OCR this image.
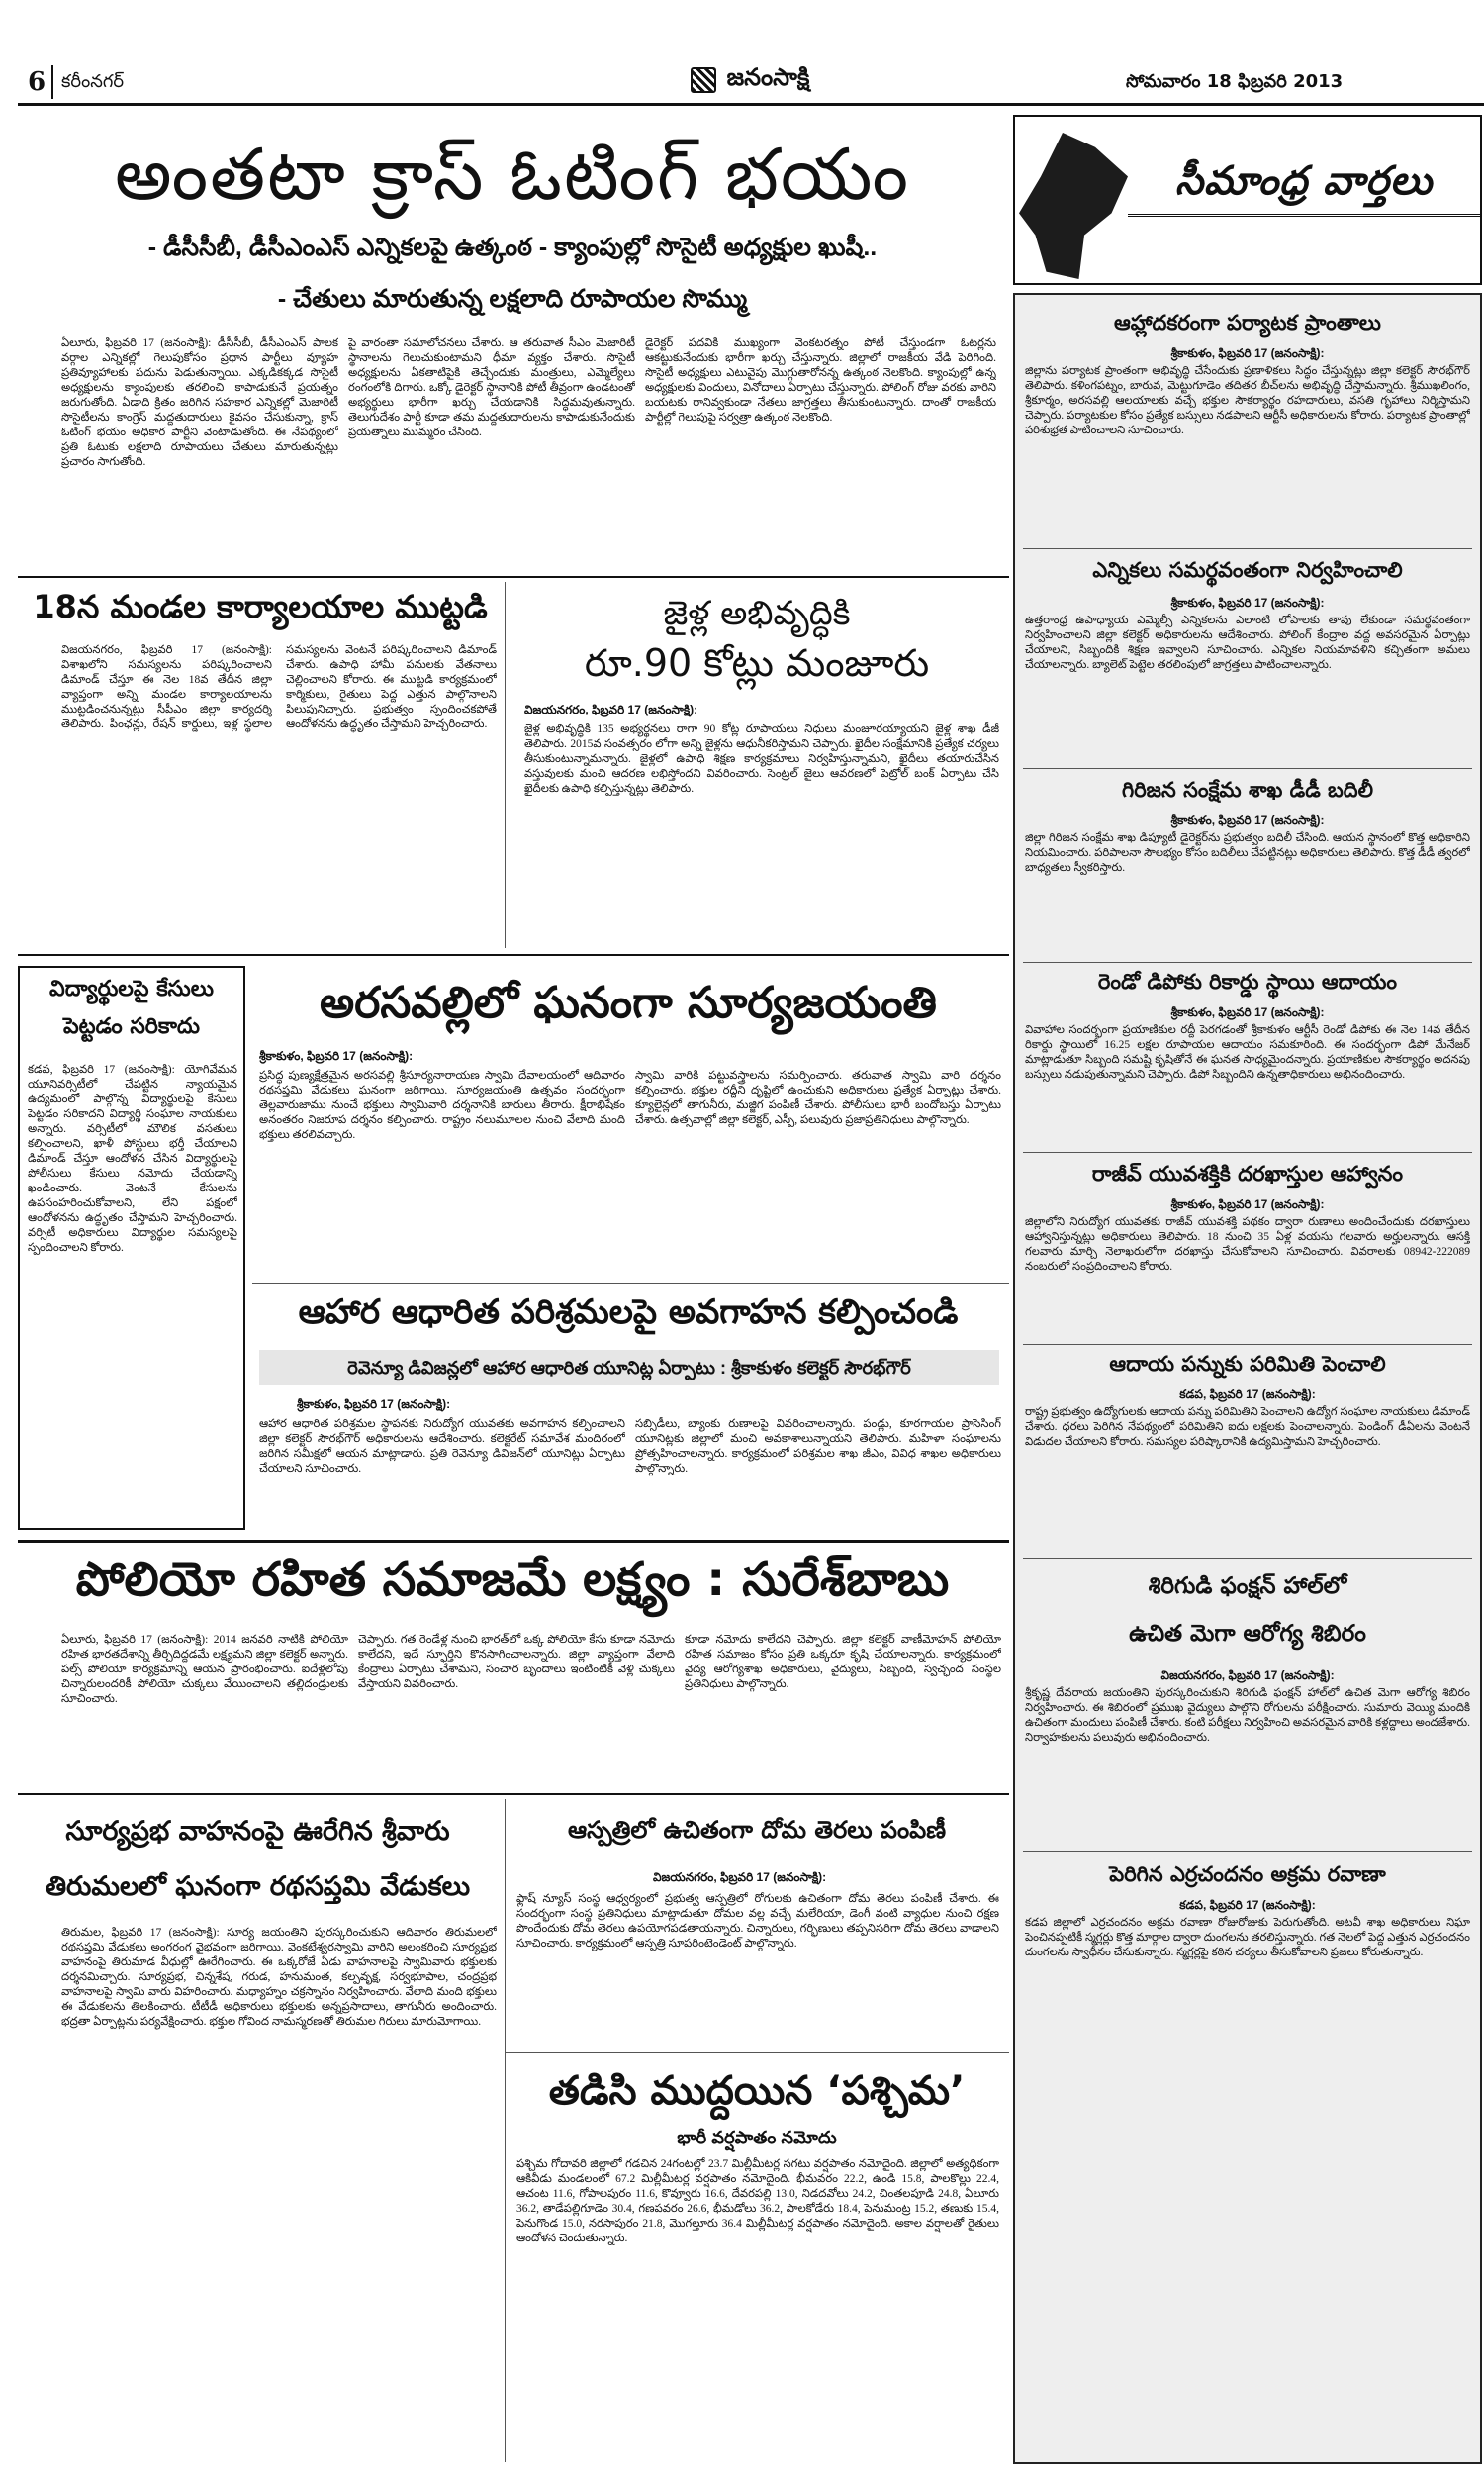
6 కరీంనగర్‌	జనంసాక్షి	సోమవారం 18 ఫిబ్రవరి 2013
అంతటా క్రాస్‌ ఓటింగ్‌ భయం
- డీసీసీబీ, డీసీఎంఎస్‌ ఎన్నికలపై ఉత్కంఠ - క్యాంపుల్లో సొసైటీ అధ్యక్షుల ఖుషీ..
- చేతులు మారుతున్న లక్షలాది రూపాయల సొమ్ము
ఏలూరు, ఫిబ్రవరి 17 (జనంసాక్షి): డీసీసీబీ, డీసీఎంఎస్‌ పాలక వర్గాల ఎన్నికల్లో గెలుపుకోసం ప్రధాన పార్టీలు వ్యూహ ప్రతివ్యూహాలకు పదును పెడుతున్నాయి. ఎక్కడికక్కడ సొసైటీ అధ్యక్షులను క్యాంపులకు తరలించి కాపాడుకునే ప్రయత్నం జరుగుతోంది. ఏడాది క్రితం జరిగిన సహకార ఎన్నికల్లో మెజారిటీ సొసైటీలను కాంగ్రెస్‌ మద్దతుదారులు కైవసం చేసుకున్నా, క్రాస్‌ ఓటింగ్‌ భయం అధికార పార్టీని వెంటాడుతోంది. ఈ నేపథ్యంలో ప్రతి ఓటుకు లక్షలాది రూపాయలు చేతులు మారుతున్నట్లు ప్రచారం సాగుతోంది.
పై వారంతా సమాలోచనలు చేశారు. ఆ తరువాత సీఎం మెజారిటీ స్థానాలను గెలుచుకుంటామని ధీమా వ్యక్తం చేశారు. సొసైటీ అధ్యక్షులను ఏకతాటిపైకి తెచ్చేందుకు మంత్రులు, ఎమ్మెల్యేలు రంగంలోకి దిగారు. ఒక్కో డైరెక్టర్‌ స్థానానికి పోటీ తీవ్రంగా ఉండటంతో అభ్యర్థులు భారీగా ఖర్చు చేయడానికి సిద్ధమవుతున్నారు. తెలుగుదేశం పార్టీ కూడా తమ మద్దతుదారులను కాపాడుకునేందుకు ప్రయత్నాలు ముమ్మరం చేసింది.
డైరెక్టర్‌ పదవికి ముఖ్యంగా వెంకటరత్నం పోటీ చేస్తుండగా ఓటర్లను ఆకట్టుకునేందుకు భారీగా ఖర్చు చేస్తున్నారు. జిల్లాలో రాజకీయ వేడి పెరిగింది. సొసైటీ అధ్యక్షులు ఎటువైపు మొగ్గుతారోనన్న ఉత్కంఠ నెలకొంది. క్యాంపుల్లో ఉన్న అధ్యక్షులకు విందులు, వినోదాలు ఏర్పాటు చేస్తున్నారు. పోలింగ్‌ రోజు వరకు వారిని బయటకు రానివ్వకుండా నేతలు జాగ్రత్తలు తీసుకుంటున్నారు. దాంతో రాజకీయ పార్టీల్లో గెలుపుపై సర్వత్రా ఉత్కంఠ నెలకొంది.
18న మండల కార్యాలయాల ముట్టడి
విజయనగరం, ఫిబ్రవరి 17 (జనంసాక్షి): విశాఖలోని సమస్యలను పరిష్కరించాలని డిమాండ్‌ చేస్తూ ఈ నెల 18వ తేదీన జిల్లా వ్యాప్తంగా అన్ని మండల కార్యాలయాలను ముట్టడించనున్నట్లు సీపీఎం జిల్లా కార్యదర్శి తెలిపారు. పింఛన్లు, రేషన్‌ కార్డులు, ఇళ్ల స్థలాల సమస్యలను వెంటనే పరిష్కరించాలని డిమాండ్‌ చేశారు. ఉపాధి హామీ పనులకు వేతనాలు చెల్లించాలని కోరారు. ఈ ముట్టడి కార్యక్రమంలో కార్మికులు, రైతులు పెద్ద ఎత్తున పాల్గొనాలని పిలుపునిచ్చారు. ప్రభుత్వం స్పందించకపోతే ఆందోళనను ఉద్ధృతం చేస్తామని హెచ్చరించారు.
జైళ్ల అభివృద్ధికి
రూ.90 కోట్లు మంజూరు
విజయనగరం, ఫిబ్రవరి 17 (జనంసాక్షి):
జైళ్ల అభివృద్ధికి 135 అభ్యర్థనలు రాగా 90 కోట్ల రూపాయలు నిధులు మంజూరయ్యాయని జైళ్ల శాఖ డీజీ తెలిపారు. 2015వ సంవత్సరం లోగా అన్ని జైళ్లను ఆధునీకరిస్తామని చెప్పారు. ఖైదీల సంక్షేమానికి ప్రత్యేక చర్యలు తీసుకుంటున్నామన్నారు. జైళ్లలో ఉపాధి శిక్షణ కార్యక్రమాలు నిర్వహిస్తున్నామని, ఖైదీలు తయారుచేసిన వస్తువులకు మంచి ఆదరణ లభిస్తోందని వివరించారు. సెంట్రల్‌ జైలు ఆవరణలో పెట్రోల్‌ బంక్‌ ఏర్పాటు చేసి ఖైదీలకు ఉపాధి కల్పిస్తున్నట్లు తెలిపారు.
విద్యార్థులపై కేసులు
పెట్టడం సరికాదు
కడప, ఫిబ్రవరి 17 (జనంసాక్షి): యోగివేమన యూనివర్సిటీలో చేపట్టిన న్యాయమైన ఉద్యమంలో పాల్గొన్న విద్యార్థులపై కేసులు పెట్టడం సరికాదని విద్యార్థి సంఘాల నాయకులు అన్నారు. వర్సిటీలో మౌలిక వసతులు కల్పించాలని, ఖాళీ పోస్టులు భర్తీ చేయాలని డిమాండ్‌ చేస్తూ ఆందోళన చేసిన విద్యార్థులపై పోలీసులు కేసులు నమోదు చేయడాన్ని ఖండించారు. వెంటనే కేసులను ఉపసంహరించుకోవాలని, లేని పక్షంలో ఆందోళనను ఉద్ధృతం చేస్తామని హెచ్చరించారు. వర్సిటీ అధికారులు విద్యార్థుల సమస్యలపై స్పందించాలని కోరారు.
అరసవల్లిలో ఘనంగా సూర్యజయంతి
శ్రీకాకుళం, ఫిబ్రవరి 17 (జనంసాక్షి):
ప్రసిద్ధ పుణ్యక్షేత్రమైన అరసవల్లి శ్రీసూర్యనారాయణ స్వామి దేవాలయంలో ఆదివారం రథసప్తమి వేడుకలు ఘనంగా జరిగాయి. సూర్యజయంతి ఉత్సవం సందర్భంగా తెల్లవారుజాము నుంచే భక్తులు స్వామివారి దర్శనానికి బారులు తీరారు. క్షీరాభిషేకం అనంతరం నిజరూప దర్శనం కల్పించారు. రాష్ట్రం నలుమూలల నుంచి వేలాది మంది భక్తులు తరలివచ్చారు.
స్వామి వారికి పట్టువస్త్రాలను సమర్పించారు. తరువాత స్వామి వారి దర్శనం కల్పించారు. భక్తుల రద్దీని దృష్టిలో ఉంచుకుని అధికారులు ప్రత్యేక ఏర్పాట్లు చేశారు. క్యూలైన్లలో తాగునీరు, మజ్జిగ పంపిణీ చేశారు. పోలీసులు భారీ బందోబస్తు ఏర్పాటు చేశారు. ఉత్సవాల్లో జిల్లా కలెక్టర్‌, ఎస్పీ, పలువురు ప్రజాప్రతినిధులు పాల్గొన్నారు.
ఆహార ఆధారిత పరిశ్రమలపై అవగాహన కల్పించండి
రెవెన్యూ డివిజన్లలో ఆహార ఆధారిత యూనిట్ల ఏర్పాటు : శ్రీకాకుళం కలెక్టర్‌ సౌరభ్‌గౌర్‌
శ్రీకాకుళం, ఫిబ్రవరి 17 (జనంసాక్షి):
ఆహార ఆధారిత పరిశ్రమల స్థాపనకు నిరుద్యోగ యువతకు అవగాహన కల్పించాలని జిల్లా కలెక్టర్‌ సౌరభ్‌గౌర్‌ అధికారులను ఆదేశించారు. కలెక్టరేట్‌ సమావేశ మందిరంలో జరిగిన సమీక్షలో ఆయన మాట్లాడారు. ప్రతి రెవెన్యూ డివిజన్‌లో యూనిట్లు ఏర్పాటు చేయాలని సూచించారు.
సబ్సిడీలు, బ్యాంకు రుణాలపై వివరించాలన్నారు. పండ్లు, కూరగాయల ప్రాసెసింగ్‌ యూనిట్లకు జిల్లాలో మంచి అవకాశాలున్నాయని తెలిపారు. మహిళా సంఘాలను ప్రోత్సహించాలన్నారు. కార్యక్రమంలో పరిశ్రమల శాఖ జీఎం, వివిధ శాఖల అధికారులు పాల్గొన్నారు.
పోలియో రహిత సమాజమే లక్ష్యం : సురేశ్‌బాబు
ఏలూరు, ఫిబ్రవరి 17 (జనంసాక్షి): 2014 జనవరి నాటికి పోలియో రహిత భారతదేశాన్ని తీర్చిదిద్దడమే లక్ష్యమని జిల్లా కలెక్టర్‌ అన్నారు. పల్స్‌ పోలియో కార్యక్రమాన్ని ఆయన ప్రారంభించారు. ఐదేళ్లలోపు చిన్నారులందరికీ పోలియో చుక్కలు వేయించాలని తల్లిదండ్రులకు సూచించారు.
చెప్పారు. గత రెండేళ్ల నుంచి భారత్‌లో ఒక్క పోలియో కేసు కూడా నమోదు కాలేదని, ఇదే స్ఫూర్తిని కొనసాగించాలన్నారు. జిల్లా వ్యాప్తంగా వేలాది కేంద్రాలు ఏర్పాటు చేశామని, సంచార బృందాలు ఇంటింటికీ వెళ్లి చుక్కలు వేస్తాయని వివరించారు.
కూడా నమోదు కాలేదని చెప్పారు. జిల్లా కలెక్టర్‌ వాణీమోహన్‌ పోలియో రహిత సమాజం కోసం ప్రతి ఒక్కరూ కృషి చేయాలన్నారు. కార్యక్రమంలో వైద్య ఆరోగ్యశాఖ అధికారులు, వైద్యులు, సిబ్బంది, స్వచ్ఛంద సంస్థల ప్రతినిధులు పాల్గొన్నారు.
సూర్యప్రభ వాహనంపై ఊరేగిన శ్రీవారు
తిరుమలలో ఘనంగా రథసప్తమి వేడుకలు
తిరుమల, ఫిబ్రవరి 17 (జనంసాక్షి): సూర్య జయంతిని పురస్కరించుకుని ఆదివారం తిరుమలలో రథసప్తమి వేడుకలు అంగరంగ వైభవంగా జరిగాయి. వెంకటేశ్వరస్వామి వారిని అలంకరించి సూర్యప్రభ వాహనంపై తిరుమాడ వీధుల్లో ఊరేగించారు. ఈ ఒక్కరోజే ఏడు వాహనాలపై స్వామివారు భక్తులకు దర్శనమిచ్చారు. సూర్యప్రభ, చిన్నశేష, గరుడ, హనుమంత, కల్పవృక్ష, సర్వభూపాల, చంద్రప్రభ వాహనాలపై స్వామి వారు విహరించారు. మధ్యాహ్నం చక్రస్నానం నిర్వహించారు. వేలాది మంది భక్తులు ఈ వేడుకలను తిలకించారు. టీటీడీ అధికారులు భక్తులకు అన్నప్రసాదాలు, తాగునీరు అందించారు. భద్రతా ఏర్పాట్లను పర్యవేక్షించారు. భక్తుల గోవింద నామస్మరణతో తిరుమల గిరులు మారుమోగాయి.
ఆస్పత్రిలో ఉచితంగా దోమ తెరలు పంపిణీ
విజయనగరం, ఫిబ్రవరి 17 (జనంసాక్షి):
ఫ్లాష్‌ న్యూస్‌ సంస్థ ఆధ్వర్యంలో ప్రభుత్వ ఆస్పత్రిలో రోగులకు ఉచితంగా దోమ తెరలు పంపిణీ చేశారు. ఈ సందర్భంగా సంస్థ ప్రతినిధులు మాట్లాడుతూ దోమల వల్ల వచ్చే మలేరియా, డెంగీ వంటి వ్యాధుల నుంచి రక్షణ పొందేందుకు దోమ తెరలు ఉపయోగపడతాయన్నారు. చిన్నారులు, గర్భిణులు తప్పనిసరిగా దోమ తెరలు వాడాలని సూచించారు. కార్యక్రమంలో ఆస్పత్రి సూపరింటెండెంట్‌ పాల్గొన్నారు.
తడిసి ముద్దయిన ‘పశ్చిమ’
భారీ వర్షపాతం నమోదు
పశ్చిమ గోదావరి జిల్లాలో గడచిన 24గంటల్లో 23.7 మిల్లీమీటర్ల సగటు వర్షపాతం నమోదైంది. జిల్లాలో అత్యధికంగా ఆకివీడు మండలంలో 67.2 మిల్లీమీటర్ల వర్షపాతం నమోదైంది. భీమవరం 22.2, ఉండి 15.8, పాలకొల్లు 22.4, ఆచంట 11.6, గోపాలపురం 11.6, కొవ్వూరు 16.6, దేవరపల్లి 13.0, నిడదవోలు 24.2, చింతలపూడి 24.8, ఏలూరు 36.2, తాడేపల్లిగూడెం 30.4, గణపవరం 26.6, భీమడోలు 36.2, పాలకోడేరు 18.4, పెనుమంట్ర 15.2, తణుకు 15.4, పెనుగొండ 15.0, నరసాపురం 21.8, మొగల్తూరు 36.4 మిల్లీమీటర్ల వర్షపాతం నమోదైంది. అకాల వర్షాలతో రైతులు ఆందోళన చెందుతున్నారు.
సీమాంధ్ర వార్తలు
ఆహ్లాదకరంగా పర్యాటక ప్రాంతాలు
శ్రీకాకుళం, ఫిబ్రవరి 17 (జనంసాక్షి):
జిల్లాను పర్యాటక ప్రాంతంగా అభివృద్ధి చేసేందుకు ప్రణాళికలు సిద్ధం చేస్తున్నట్లు జిల్లా కలెక్టర్‌ సౌరభ్‌గౌర్‌ తెలిపారు. కళింగపట్నం, బారువ, మెట్టుగూడెం తదితర బీచ్‌లను అభివృద్ధి చేస్తామన్నారు. శ్రీముఖలింగం, శ్రీకూర్మం, అరసవల్లి ఆలయాలకు వచ్చే భక్తుల సౌకర్యార్థం రహదారులు, వసతి గృహాలు నిర్మిస్తామని చెప్పారు. పర్యాటకుల కోసం ప్రత్యేక బస్సులు నడపాలని ఆర్టీసీ అధికారులను కోరారు. పర్యాటక ప్రాంతాల్లో పరిశుభ్రత పాటించాలని సూచించారు.
ఎన్నికలు సమర్థవంతంగా నిర్వహించాలి
శ్రీకాకుళం, ఫిబ్రవరి 17 (జనంసాక్షి):
ఉత్తరాంధ్ర ఉపాధ్యాయ ఎమ్మెల్సీ ఎన్నికలను ఎలాంటి లోపాలకు తావు లేకుండా సమర్థవంతంగా నిర్వహించాలని జిల్లా కలెక్టర్‌ అధికారులను ఆదేశించారు. పోలింగ్‌ కేంద్రాల వద్ద అవసరమైన ఏర్పాట్లు చేయాలని, సిబ్బందికి శిక్షణ ఇవ్వాలని సూచించారు. ఎన్నికల నియమావళిని కచ్చితంగా అమలు చేయాలన్నారు. బ్యాలెట్‌ పెట్టెల తరలింపులో జాగ్రత్తలు పాటించాలన్నారు.
గిరిజన సంక్షేమ శాఖ డీడీ బదిలీ
శ్రీకాకుళం, ఫిబ్రవరి 17 (జనంసాక్షి):
జిల్లా గిరిజన సంక్షేమ శాఖ డిప్యూటీ డైరెక్టర్‌ను ప్రభుత్వం బదిలీ చేసింది. ఆయన స్థానంలో కొత్త అధికారిని నియమించారు. పరిపాలనా సౌలభ్యం కోసం బదిలీలు చేపట్టినట్లు అధికారులు తెలిపారు. కొత్త డీడీ త్వరలో బాధ్యతలు స్వీకరిస్తారు.
రెండో డిపోకు రికార్డు స్థాయి ఆదాయం
శ్రీకాకుళం, ఫిబ్రవరి 17 (జనంసాక్షి):
వివాహాల సందర్భంగా ప్రయాణికుల రద్దీ పెరగడంతో శ్రీకాకుళం ఆర్టీసీ రెండో డిపోకు ఈ నెల 14వ తేదీన రికార్డు స్థాయిలో 16.25 లక్షల రూపాయల ఆదాయం సమకూరింది. ఈ సందర్భంగా డిపో మేనేజర్‌ మాట్లాడుతూ సిబ్బంది సమష్టి కృషితోనే ఈ ఘనత సాధ్యమైందన్నారు. ప్రయాణికుల సౌకర్యార్థం అదనపు బస్సులు నడుపుతున్నామని చెప్పారు. డిపో సిబ్బందిని ఉన్నతాధికారులు అభినందించారు.
రాజీవ్‌ యువశక్తికి దరఖాస్తుల ఆహ్వానం
శ్రీకాకుళం, ఫిబ్రవరి 17 (జనంసాక్షి):
జిల్లాలోని నిరుద్యోగ యువతకు రాజీవ్‌ యువశక్తి పథకం ద్వారా రుణాలు అందించేందుకు దరఖాస్తులు ఆహ్వానిస్తున్నట్లు అధికారులు తెలిపారు. 18 నుంచి 35 ఏళ్ల వయసు గలవారు అర్హులన్నారు. ఆసక్తి గలవారు మార్చి నెలాఖరులోగా దరఖాస్తు చేసుకోవాలని సూచించారు. వివరాలకు 08942-222089 నంబరులో సంప్రదించాలని కోరారు.
ఆదాయ పన్నుకు పరిమితి పెంచాలి
కడప, ఫిబ్రవరి 17 (జనంసాక్షి):
రాష్ట్ర ప్రభుత్వం ఉద్యోగులకు ఆదాయ పన్ను పరిమితిని పెంచాలని ఉద్యోగ సంఘాల నాయకులు డిమాండ్‌ చేశారు. ధరలు పెరిగిన నేపథ్యంలో పరిమితిని ఐదు లక్షలకు పెంచాలన్నారు. పెండింగ్‌ డీఏలను వెంటనే విడుదల చేయాలని కోరారు. సమస్యల పరిష్కారానికి ఉద్యమిస్తామని హెచ్చరించారు.
శిరిగుడి ఫంక్షన్‌ హాల్‌లో
ఉచిత మెగా ఆరోగ్య శిబిరం
విజయనగరం, ఫిబ్రవరి 17 (జనంసాక్షి):
శ్రీకృష్ణ దేవరాయ జయంతిని పురస్కరించుకుని శిరిగుడి ఫంక్షన్‌ హాల్‌లో ఉచిత మెగా ఆరోగ్య శిబిరం నిర్వహించారు. ఈ శిబిరంలో ప్రముఖ వైద్యులు పాల్గొని రోగులను పరీక్షించారు. సుమారు వెయ్యి మందికి ఉచితంగా మందులు పంపిణీ చేశారు. కంటి పరీక్షలు నిర్వహించి అవసరమైన వారికి కళ్లద్దాలు అందజేశారు. నిర్వాహకులను పలువురు అభినందించారు.
పెరిగిన ఎర్రచందనం అక్రమ రవాణా
కడప, ఫిబ్రవరి 17 (జనంసాక్షి):
కడప జిల్లాలో ఎర్రచందనం అక్రమ రవాణా రోజురోజుకు పెరుగుతోంది. అటవీ శాఖ అధికారులు నిఘా పెంచినప్పటికీ స్మగ్లర్లు కొత్త మార్గాల ద్వారా దుంగలను తరలిస్తున్నారు. గత నెలలో పెద్ద ఎత్తున ఎర్రచందనం దుంగలను స్వాధీనం చేసుకున్నారు. స్మగ్లర్లపై కఠిన చర్యలు తీసుకోవాలని ప్రజలు కోరుతున్నారు.
